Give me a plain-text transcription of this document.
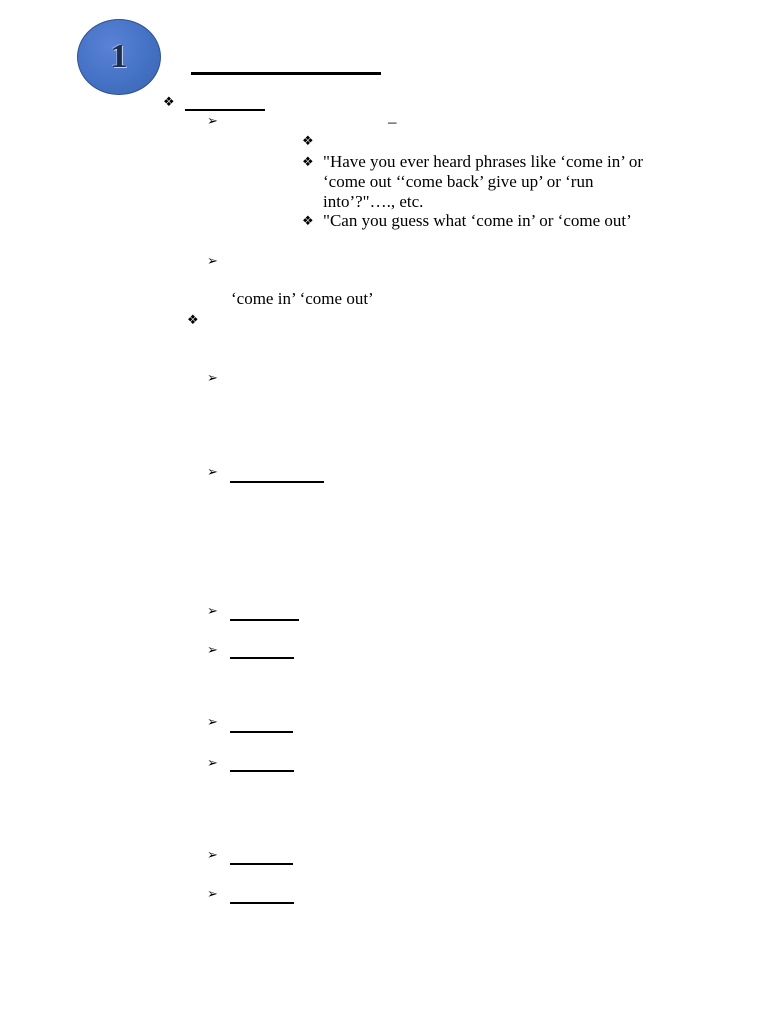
1
❖
➢	–
❖
❖ "Have you ever heard phrases like ‘come in’ or
‘come out ‘‘come back’ give up’ or ‘run
into’?"…., etc.
❖ "Can you guess what ‘come in’ or ‘come out’
➢
‘come in’ ‘come out’
❖
➢
➢
➢
➢
➢
➢
➢
➢
